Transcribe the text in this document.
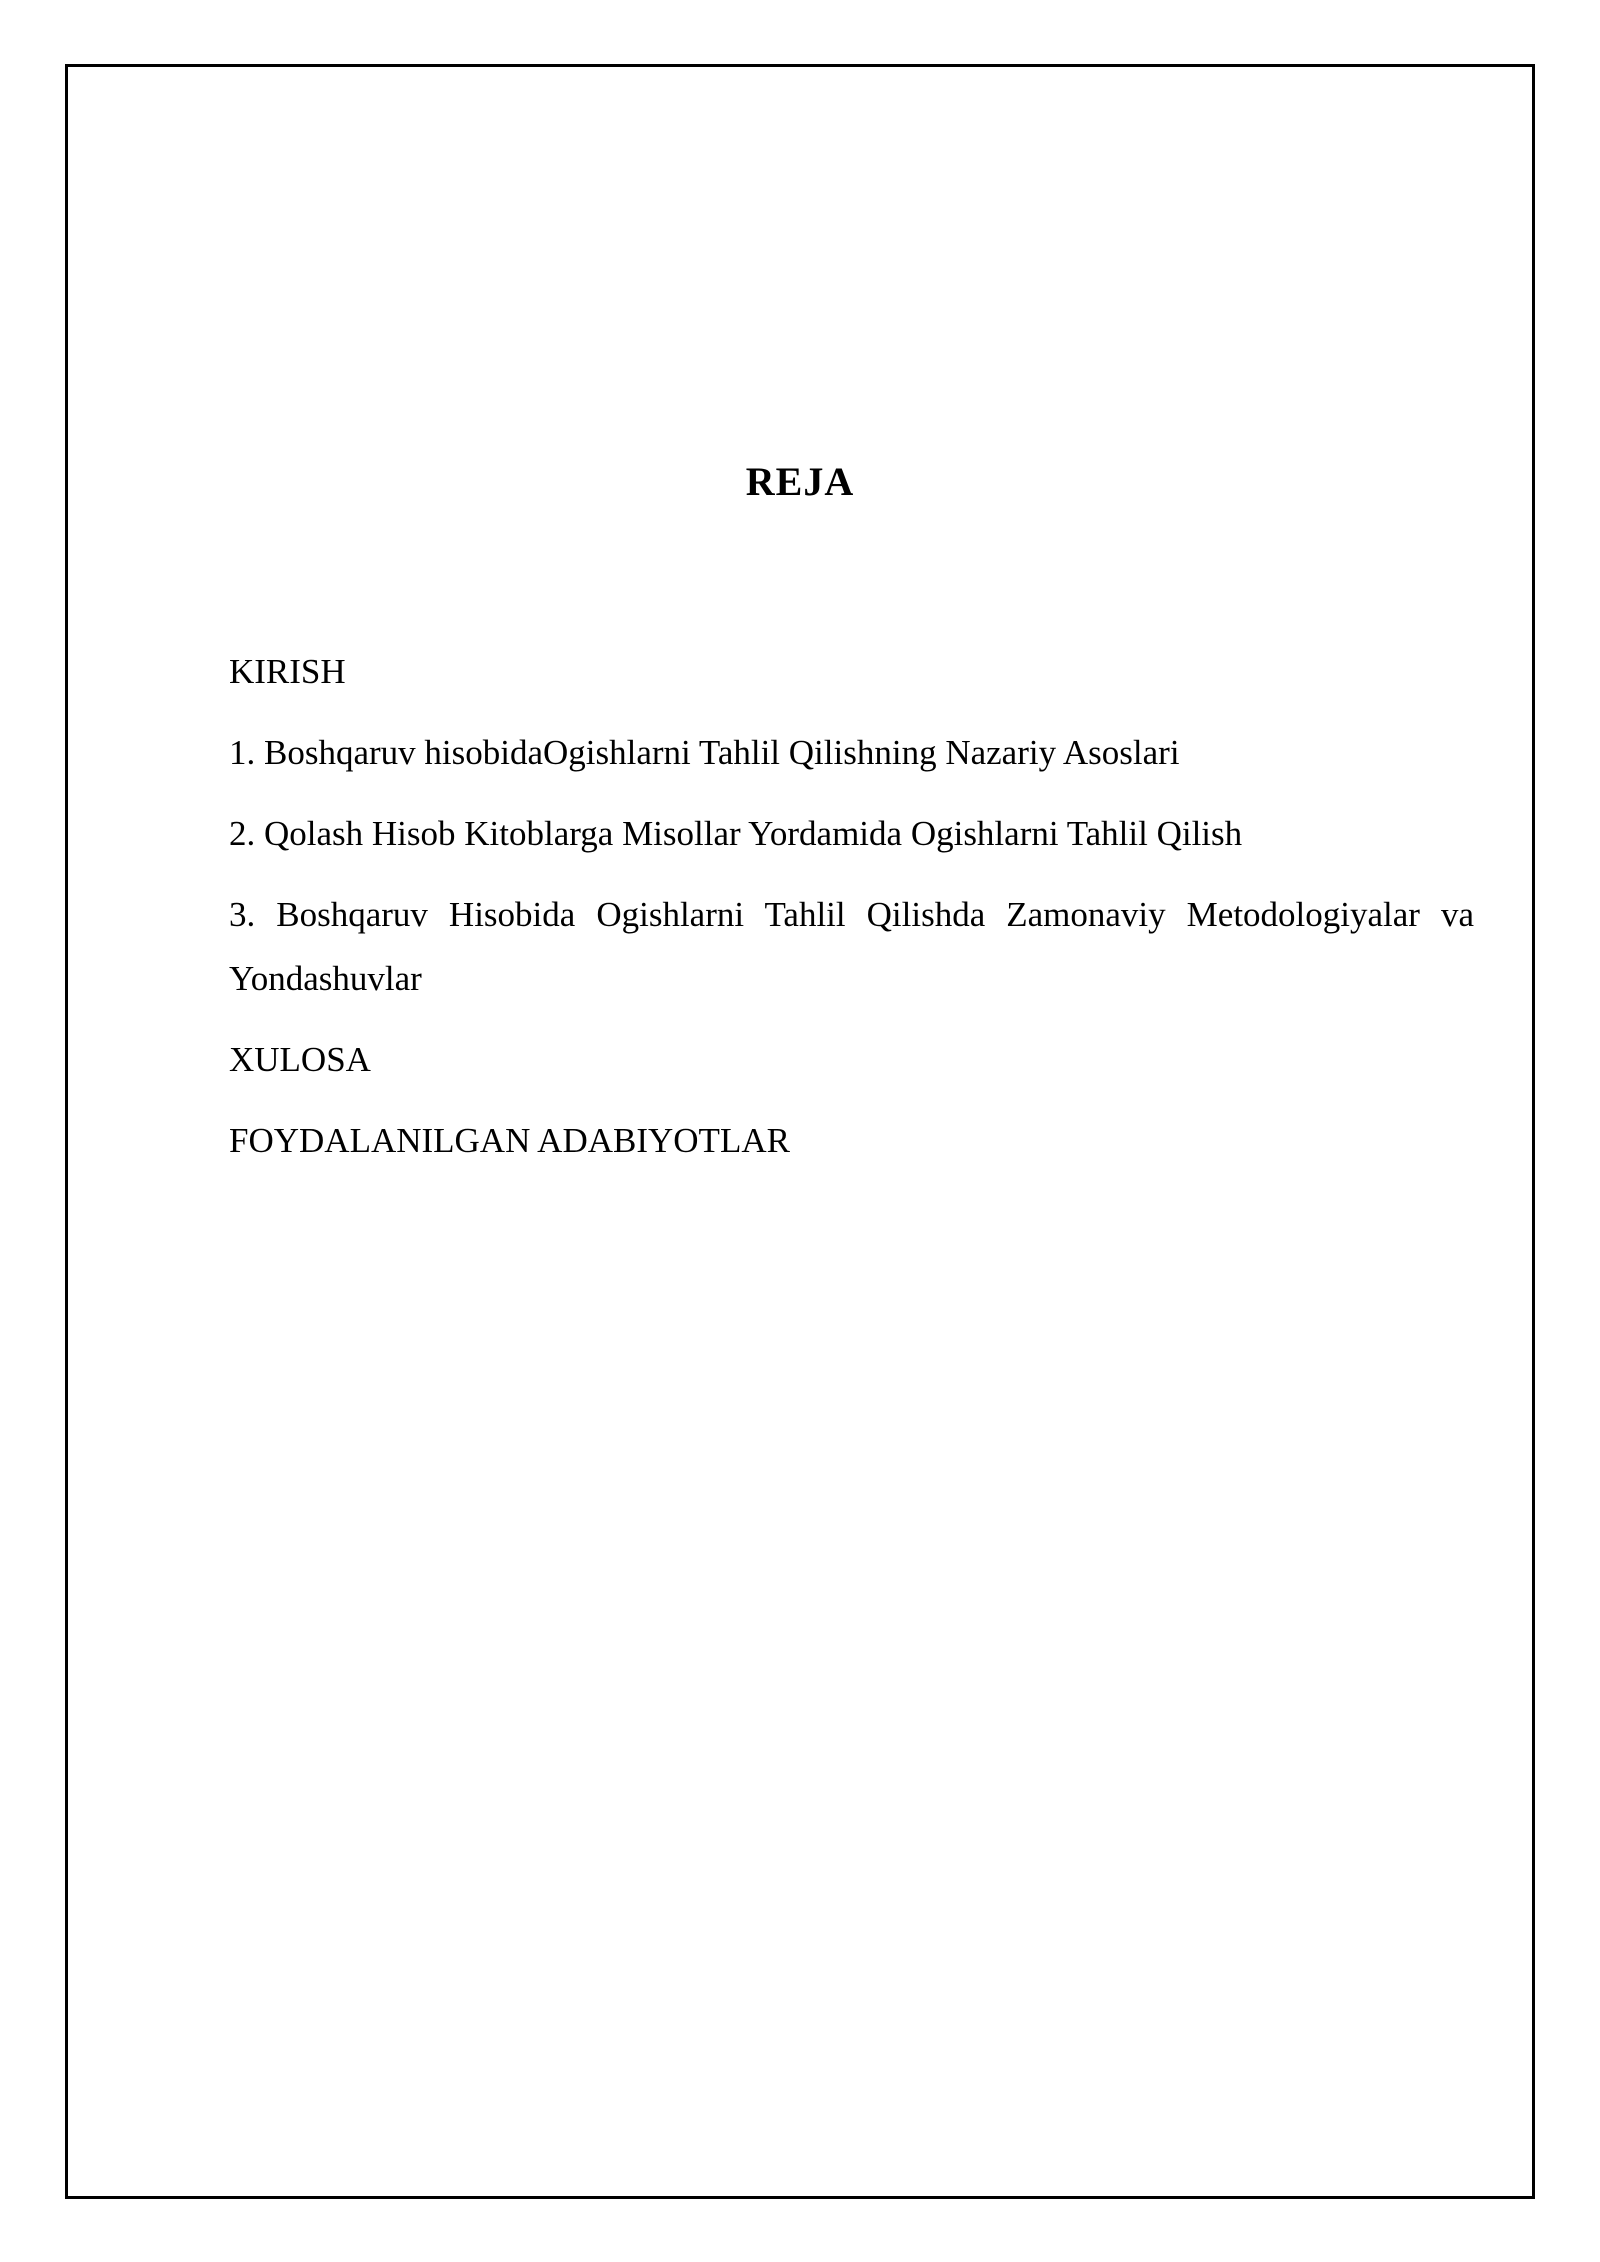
REJA
KIRISH
1. Boshqaruv hisobidaOgishlarni Tahlil Qilishning Nazariy Asoslari
2. Qolash Hisob Kitoblarga Misollar Yordamida Ogishlarni Tahlil Qilish
3. Boshqaruv Hisobida Ogishlarni Tahlil Qilishda Zamonaviy Metodologiyalar va Yondashuvlar
XULOSA
FOYDALANILGAN ADABIYOTLAR
